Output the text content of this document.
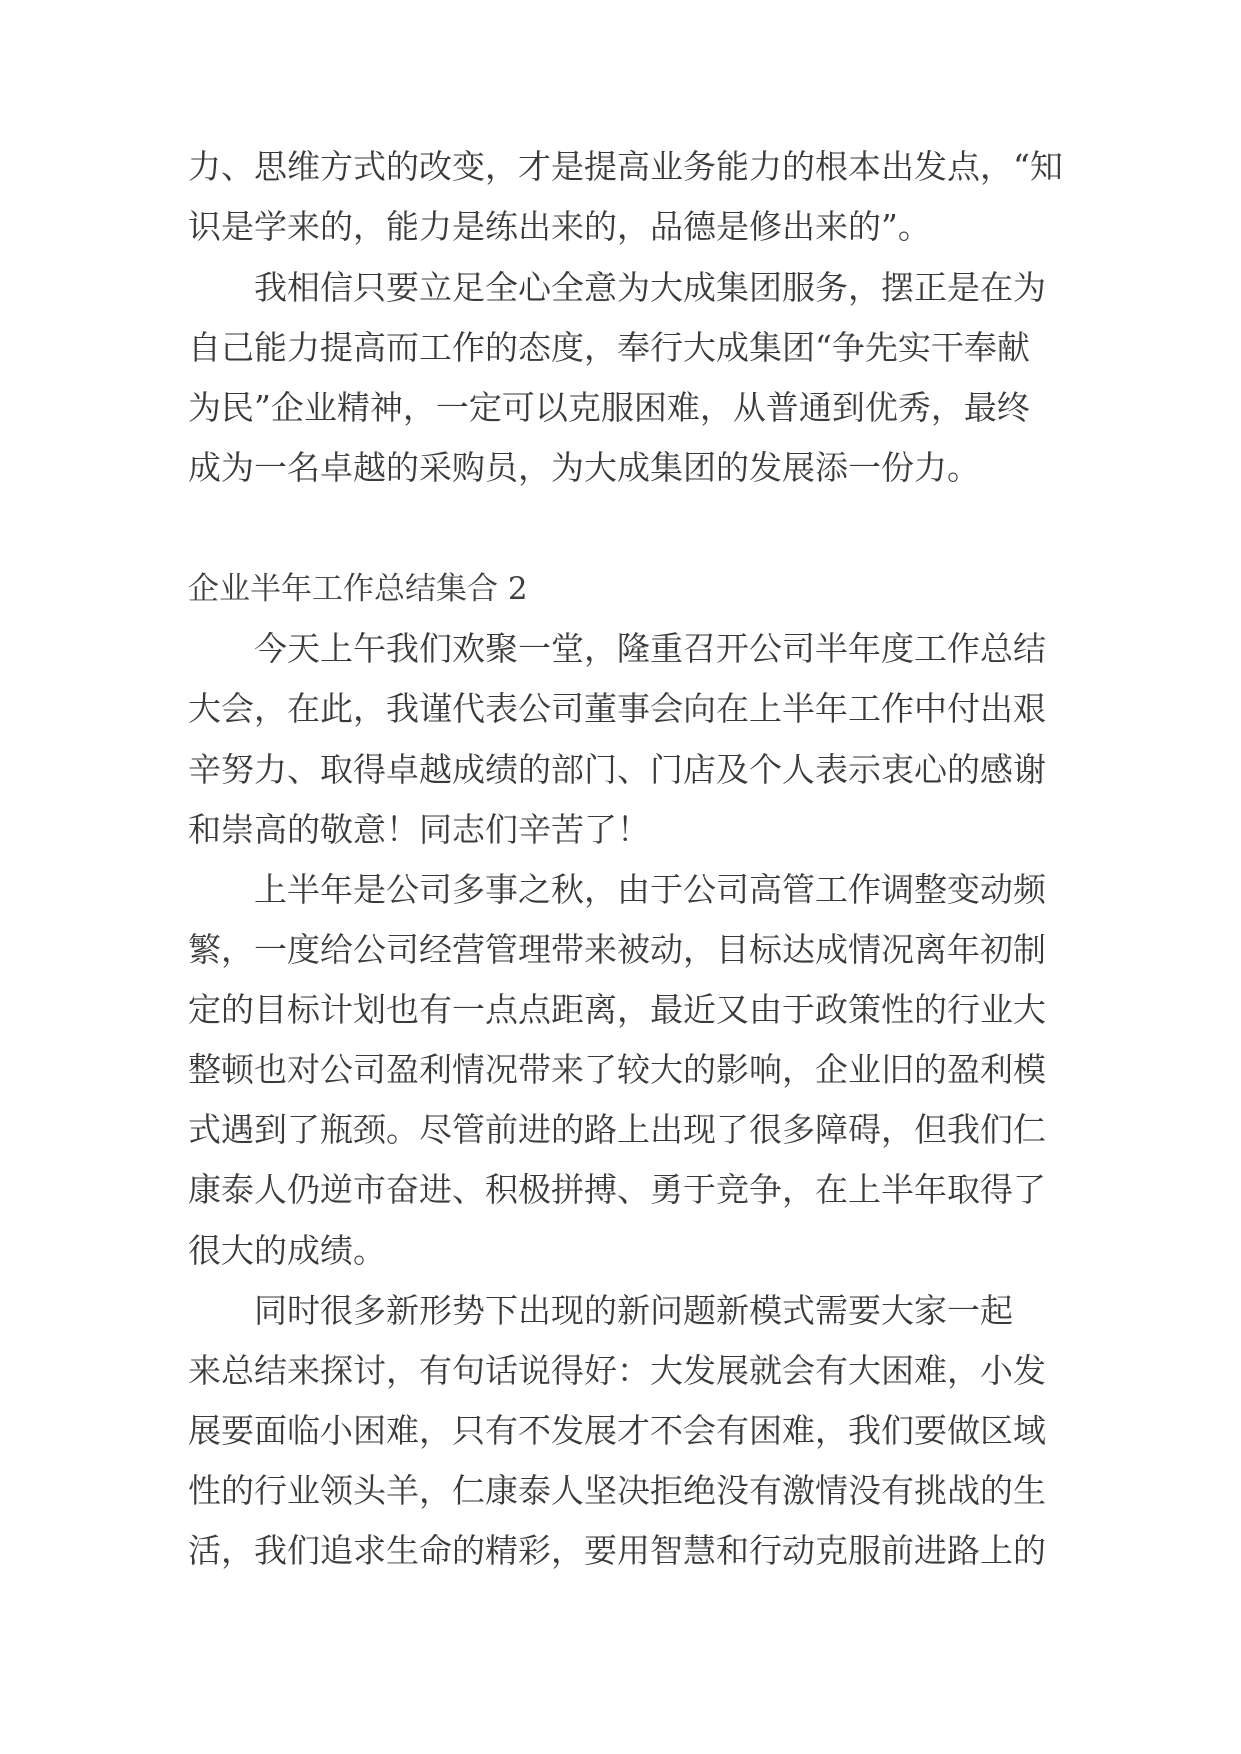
力、思维方式的改变，才是提高业务能力的根本出发点，“知

识是学来的，能力是练出来的，品德是修出来的”。

我相信只要立足全心全意为大成集团服务，摆正是在为

自己能力提高而工作的态度，奉行大成集团“争先实干奉献

为民”企业精神，一定可以克服困难，从普通到优秀，最终

成为一名卓越的采购员，为大成集团的发展添一份力。

企业半年工作总结集合 2

今天上午我们欢聚一堂，隆重召开公司半年度工作总结

大会，在此，我谨代表公司董事会向在上半年工作中付出艰

辛努力、取得卓越成绩的部门、门店及个人表示衷心的感谢

和崇高的敬意！同志们辛苦了！

上半年是公司多事之秋，由于公司高管工作调整变动频

繁，一度给公司经营管理带来被动，目标达成情况离年初制

定的目标计划也有一点点距离，最近又由于政策性的行业大

整顿也对公司盈利情况带来了较大的影响，企业旧的盈利模

式遇到了瓶颈。尽管前进的路上出现了很多障碍，但我们仁

康泰人仍逆市奋进、积极拼搏、勇于竞争，在上半年取得了

很大的成绩。

同时很多新形势下出现的新问题新模式需要大家一起

来总结来探讨，有句话说得好：大发展就会有大困难，小发

展要面临小困难，只有不发展才不会有困难，我们要做区域

性的行业领头羊，仁康泰人坚决拒绝没有激情没有挑战的生

活，我们追求生命的精彩，要用智慧和行动克服前进路上的
